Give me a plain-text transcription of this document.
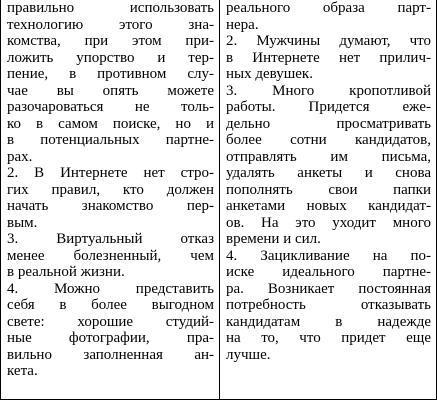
правильно использовать
технологию этого зна-
комства, при этом при-
ложить упорство и тер-
пение, в противном слу-
чае вы опять можете
разочароваться не толь-
ко в самом поиске, но и
в потенциальных партне-
рах.
2. В Интернете нет стро-
гих правил, кто должен
начать знакомство пер-
вым.
3. Виртуальный отказ
менее болезненный, чем
в реальной жизни.
4. Можно представить
себя в более выгодном
свете: хорошие студий-
ные фотографии, пра-
вильно заполненная ан-
кета.
реального образа парт-
нера.
2. Мужчины думают, что
в Интернете нет прилич-
ных девушек.
3. Много кропотливой
работы. Придется еже-
дельно просматривать
более сотни кандидатов,
отправлять им письма,
удалять анкеты и снова
пополнять свои папки
анкетами новых кандидат-
ов. На это уходит много
времени и сил.
4. Зацикливание на по-
иске идеального партне-
ра. Возникает постоянная
потребность отказывать
кандидатам в надежде
на то, что придет еще
лучше.
